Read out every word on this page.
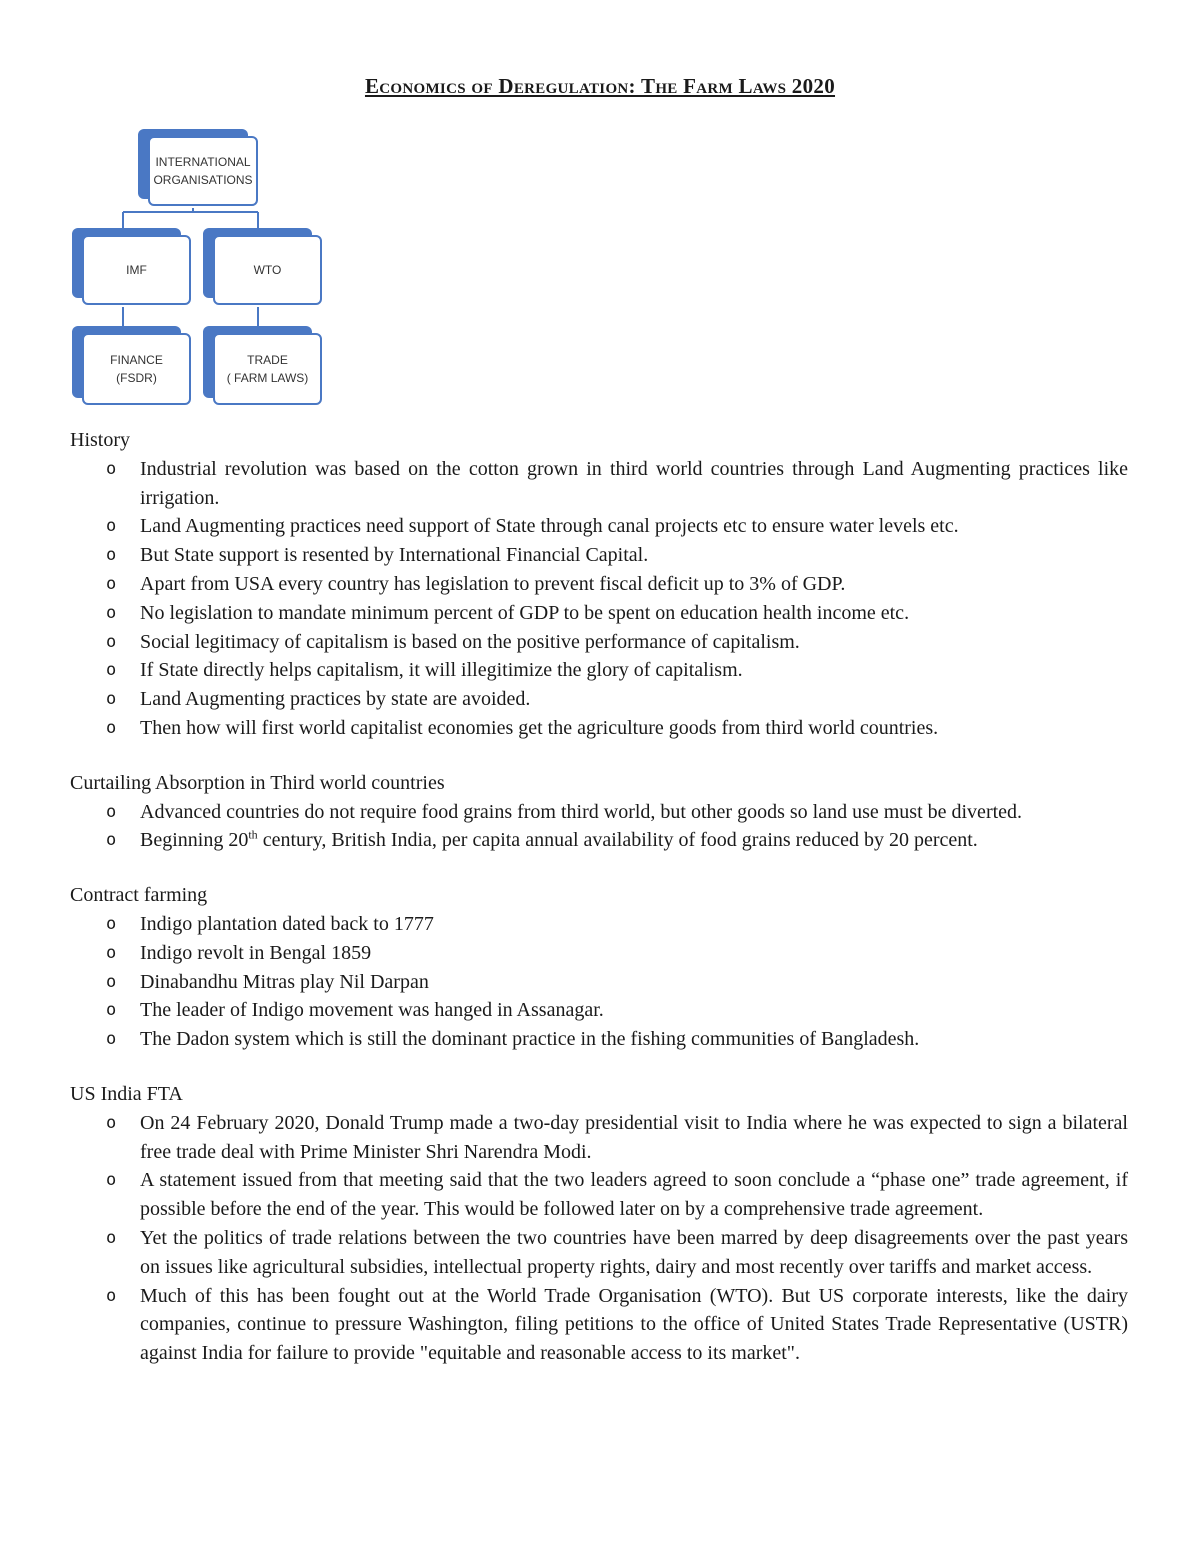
Economics of Deregulation: The Farm Laws 2020
INTERNATIONAL
ORGANISATIONS
IMF	WTO
FINANCE
(FSDR)
TRADE
( FARM LAWS)

History

o Industrial revolution was based on the cotton grown in third world countries through Land Augmenting practices like irrigation.
o Land Augmenting practices need support of State through canal projects etc to ensure water levels etc.
o But State support is resented by International Financial Capital.
o Apart from USA every country has legislation to prevent fiscal deficit up to 3% of GDP.
o No legislation to mandate minimum percent of GDP to be spent on education health income etc.
o Social legitimacy of capitalism is based on the positive performance of capitalism.
o If State directly helps capitalism, it will illegitimize the glory of capitalism.
o Land Augmenting practices by state are avoided.
o Then how will first world capitalist economies get the agriculture goods from third world countries.

Curtailing Absorption in Third world countries

o Advanced countries do not require food grains from third world, but other goods so land use must be diverted.
o Beginning 20th century, British India, per capita annual availability of food grains reduced by 20 percent.

Contract farming

o Indigo plantation dated back to 1777
o Indigo revolt in Bengal 1859
o Dinabandhu Mitras play Nil Darpan
o The leader of Indigo movement was hanged in Assanagar.
o The Dadon system which is still the dominant practice in the fishing communities of Bangladesh.

US India FTA

o On 24 February 2020, Donald Trump made a two-day presidential visit to India where he was expected to sign a bilateral free trade deal with Prime Minister Shri Narendra Modi.
o A statement issued from that meeting said that the two leaders agreed to soon conclude a “phase one” trade agreement, if possible before the end of the year. This would be followed later on by a comprehensive trade agreement.
o Yet the politics of trade relations between the two countries have been marred by deep disagreements over the past years on issues like agricultural subsidies, intellectual property rights, dairy and most recently over tariffs and market access.
o Much of this has been fought out at the World Trade Organisation (WTO). But US corporate interests, like the dairy companies, continue to pressure Washington, filing petitions to the office of United States Trade Representative (USTR) against India for failure to provide "equitable and reasonable access to its market".
